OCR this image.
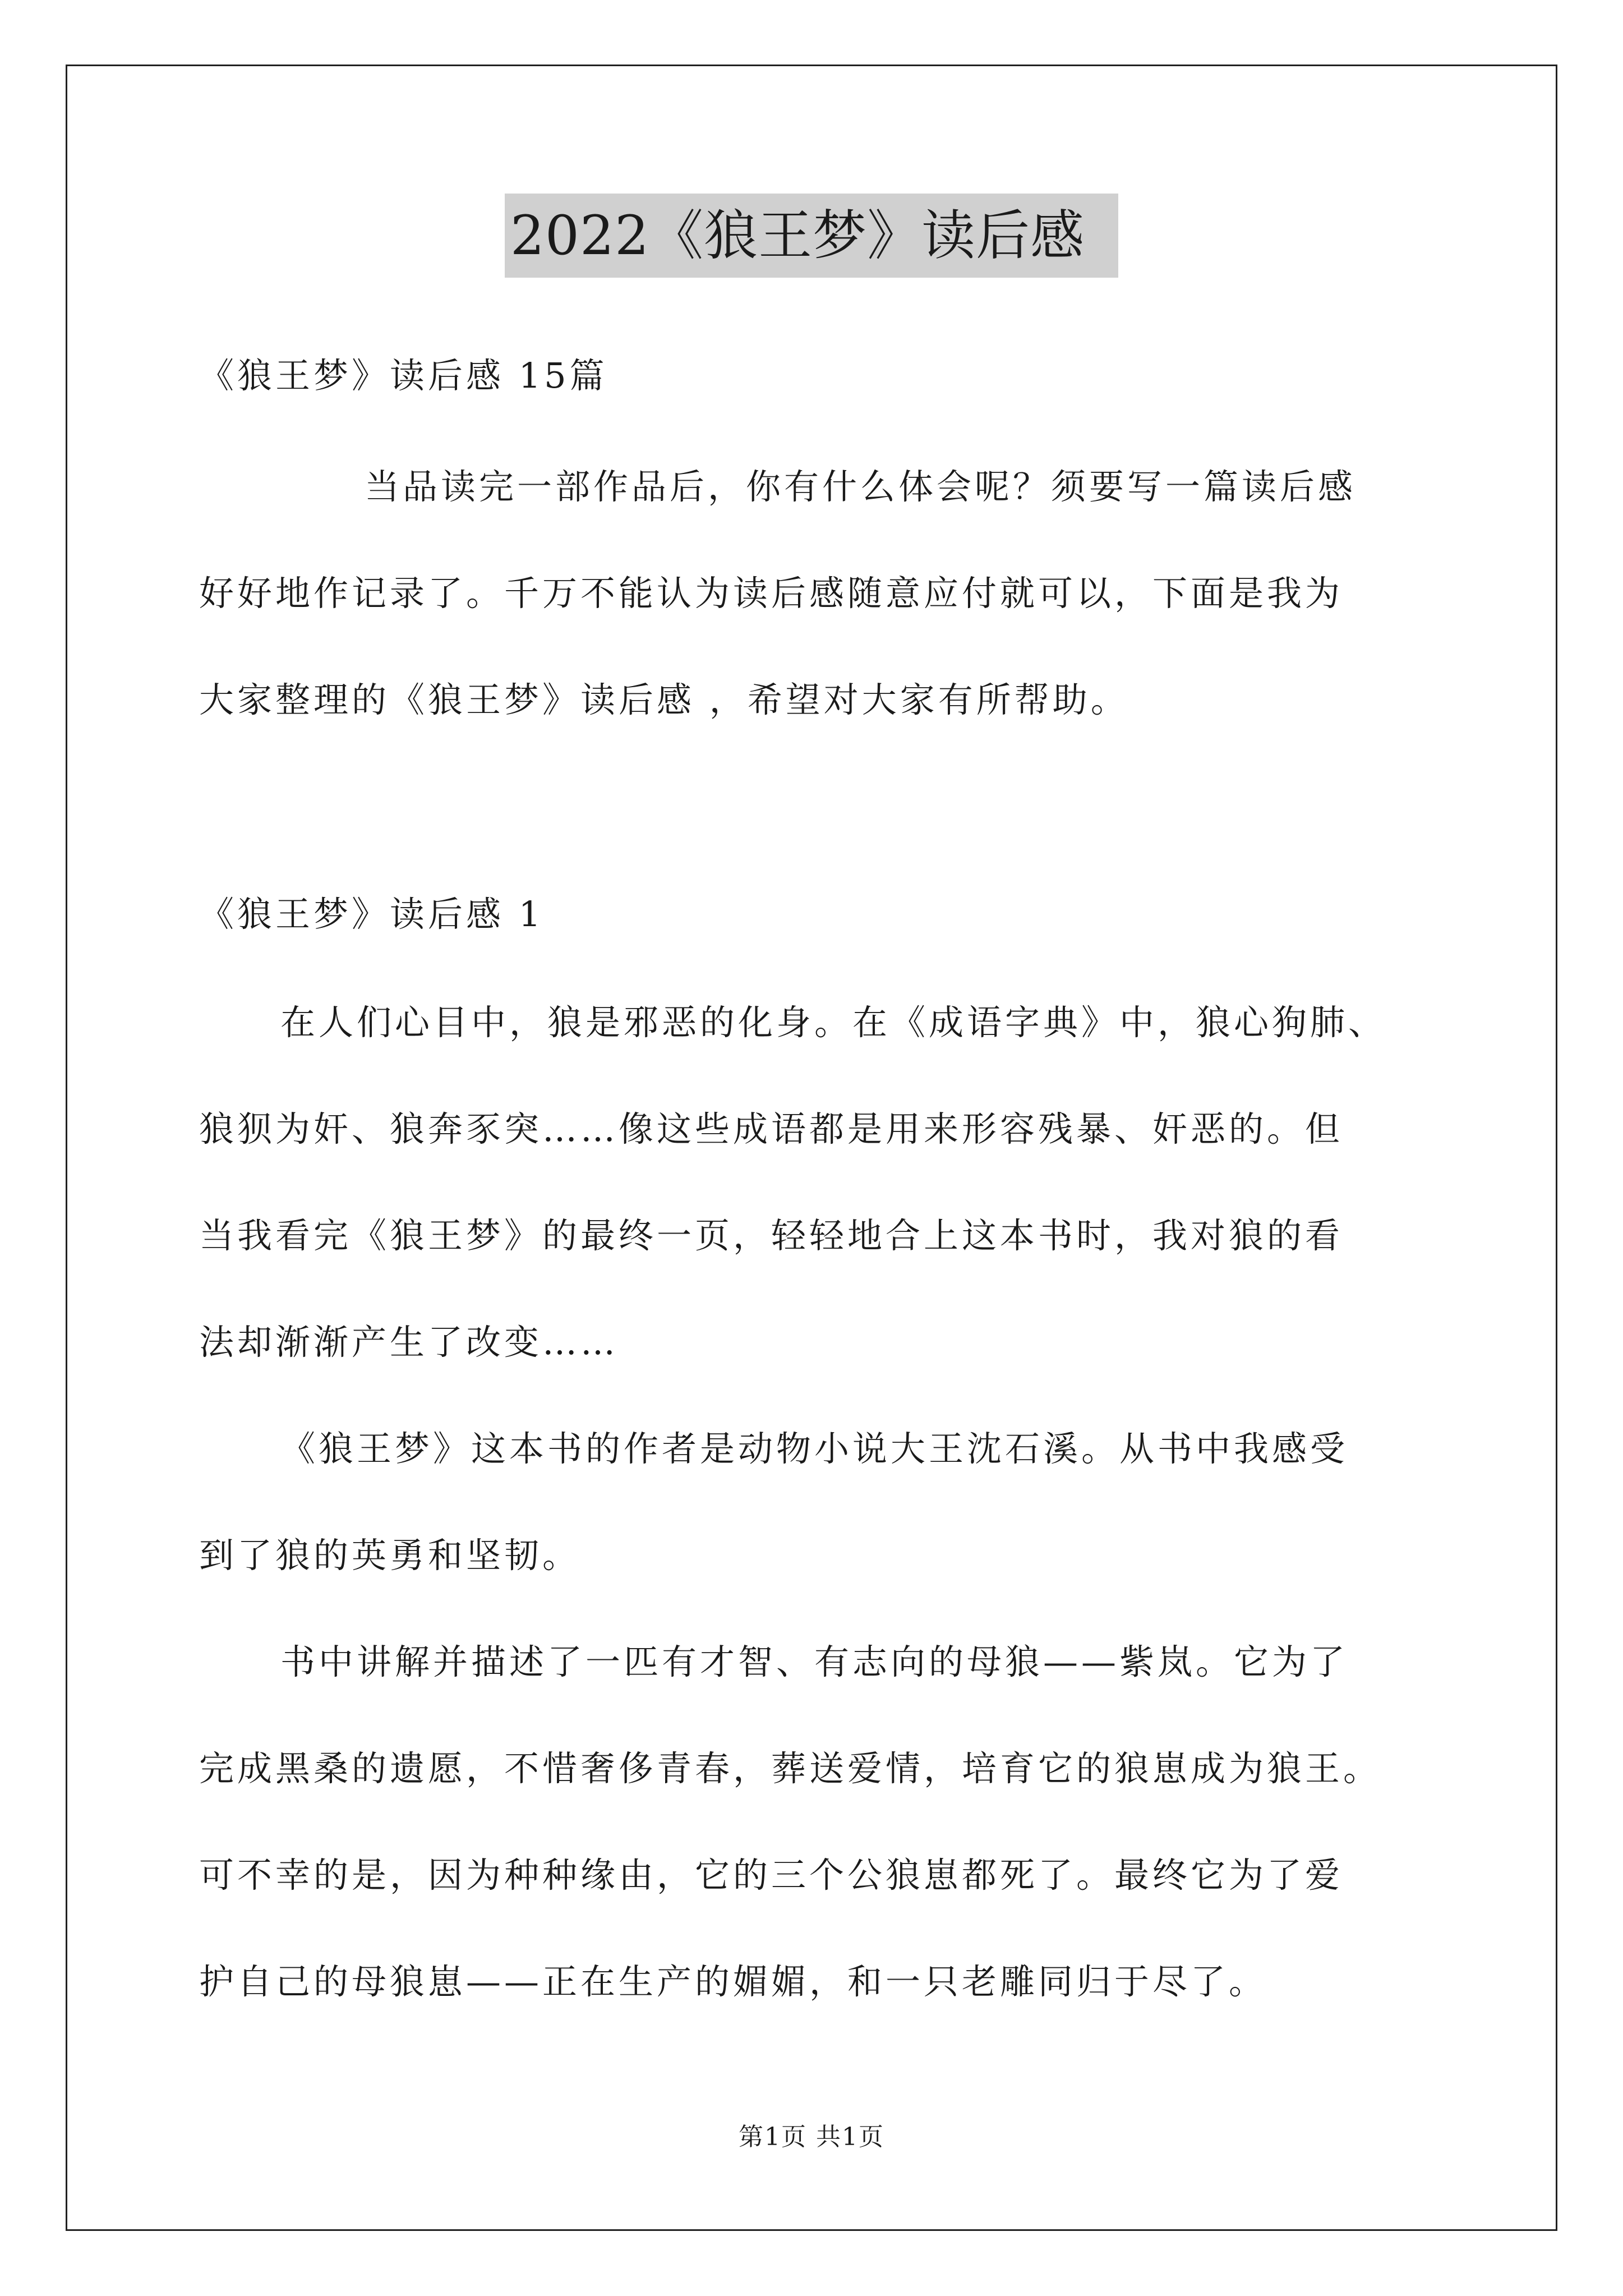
2022《狼王梦》读后感
《狼王梦》读后感 15篇
当品读完一部作品后，你有什么体会呢？须要写一篇读后感
好好地作记录了。千万不能认为读后感随意应付就可以，下面是我为
大家整理的《狼王梦》读后感 ，希望对大家有所帮助。
《狼王梦》读后感 1
在人们心目中，狼是邪恶的化身。在《成语字典》中，狼心狗肺、
狼狈为奸、狼奔豕突……像这些成语都是用来形容残暴、奸恶的。但
当我看完《狼王梦》的最终一页，轻轻地合上这本书时，我对狼的看
法却渐渐产生了改变……
《狼王梦》这本书的作者是动物小说大王沈石溪。从书中我感受
到了狼的英勇和坚韧。
书中讲解并描述了一匹有才智、有志向的母狼——紫岚。它为了
完成黑桑的遗愿，不惜奢侈青春，葬送爱情，培育它的狼崽成为狼王。
可不幸的是，因为种种缘由，它的三个公狼崽都死了。最终它为了爱
护自己的母狼崽——正在生产的媚媚，和一只老雕同归于尽了。
第1页 共1页
